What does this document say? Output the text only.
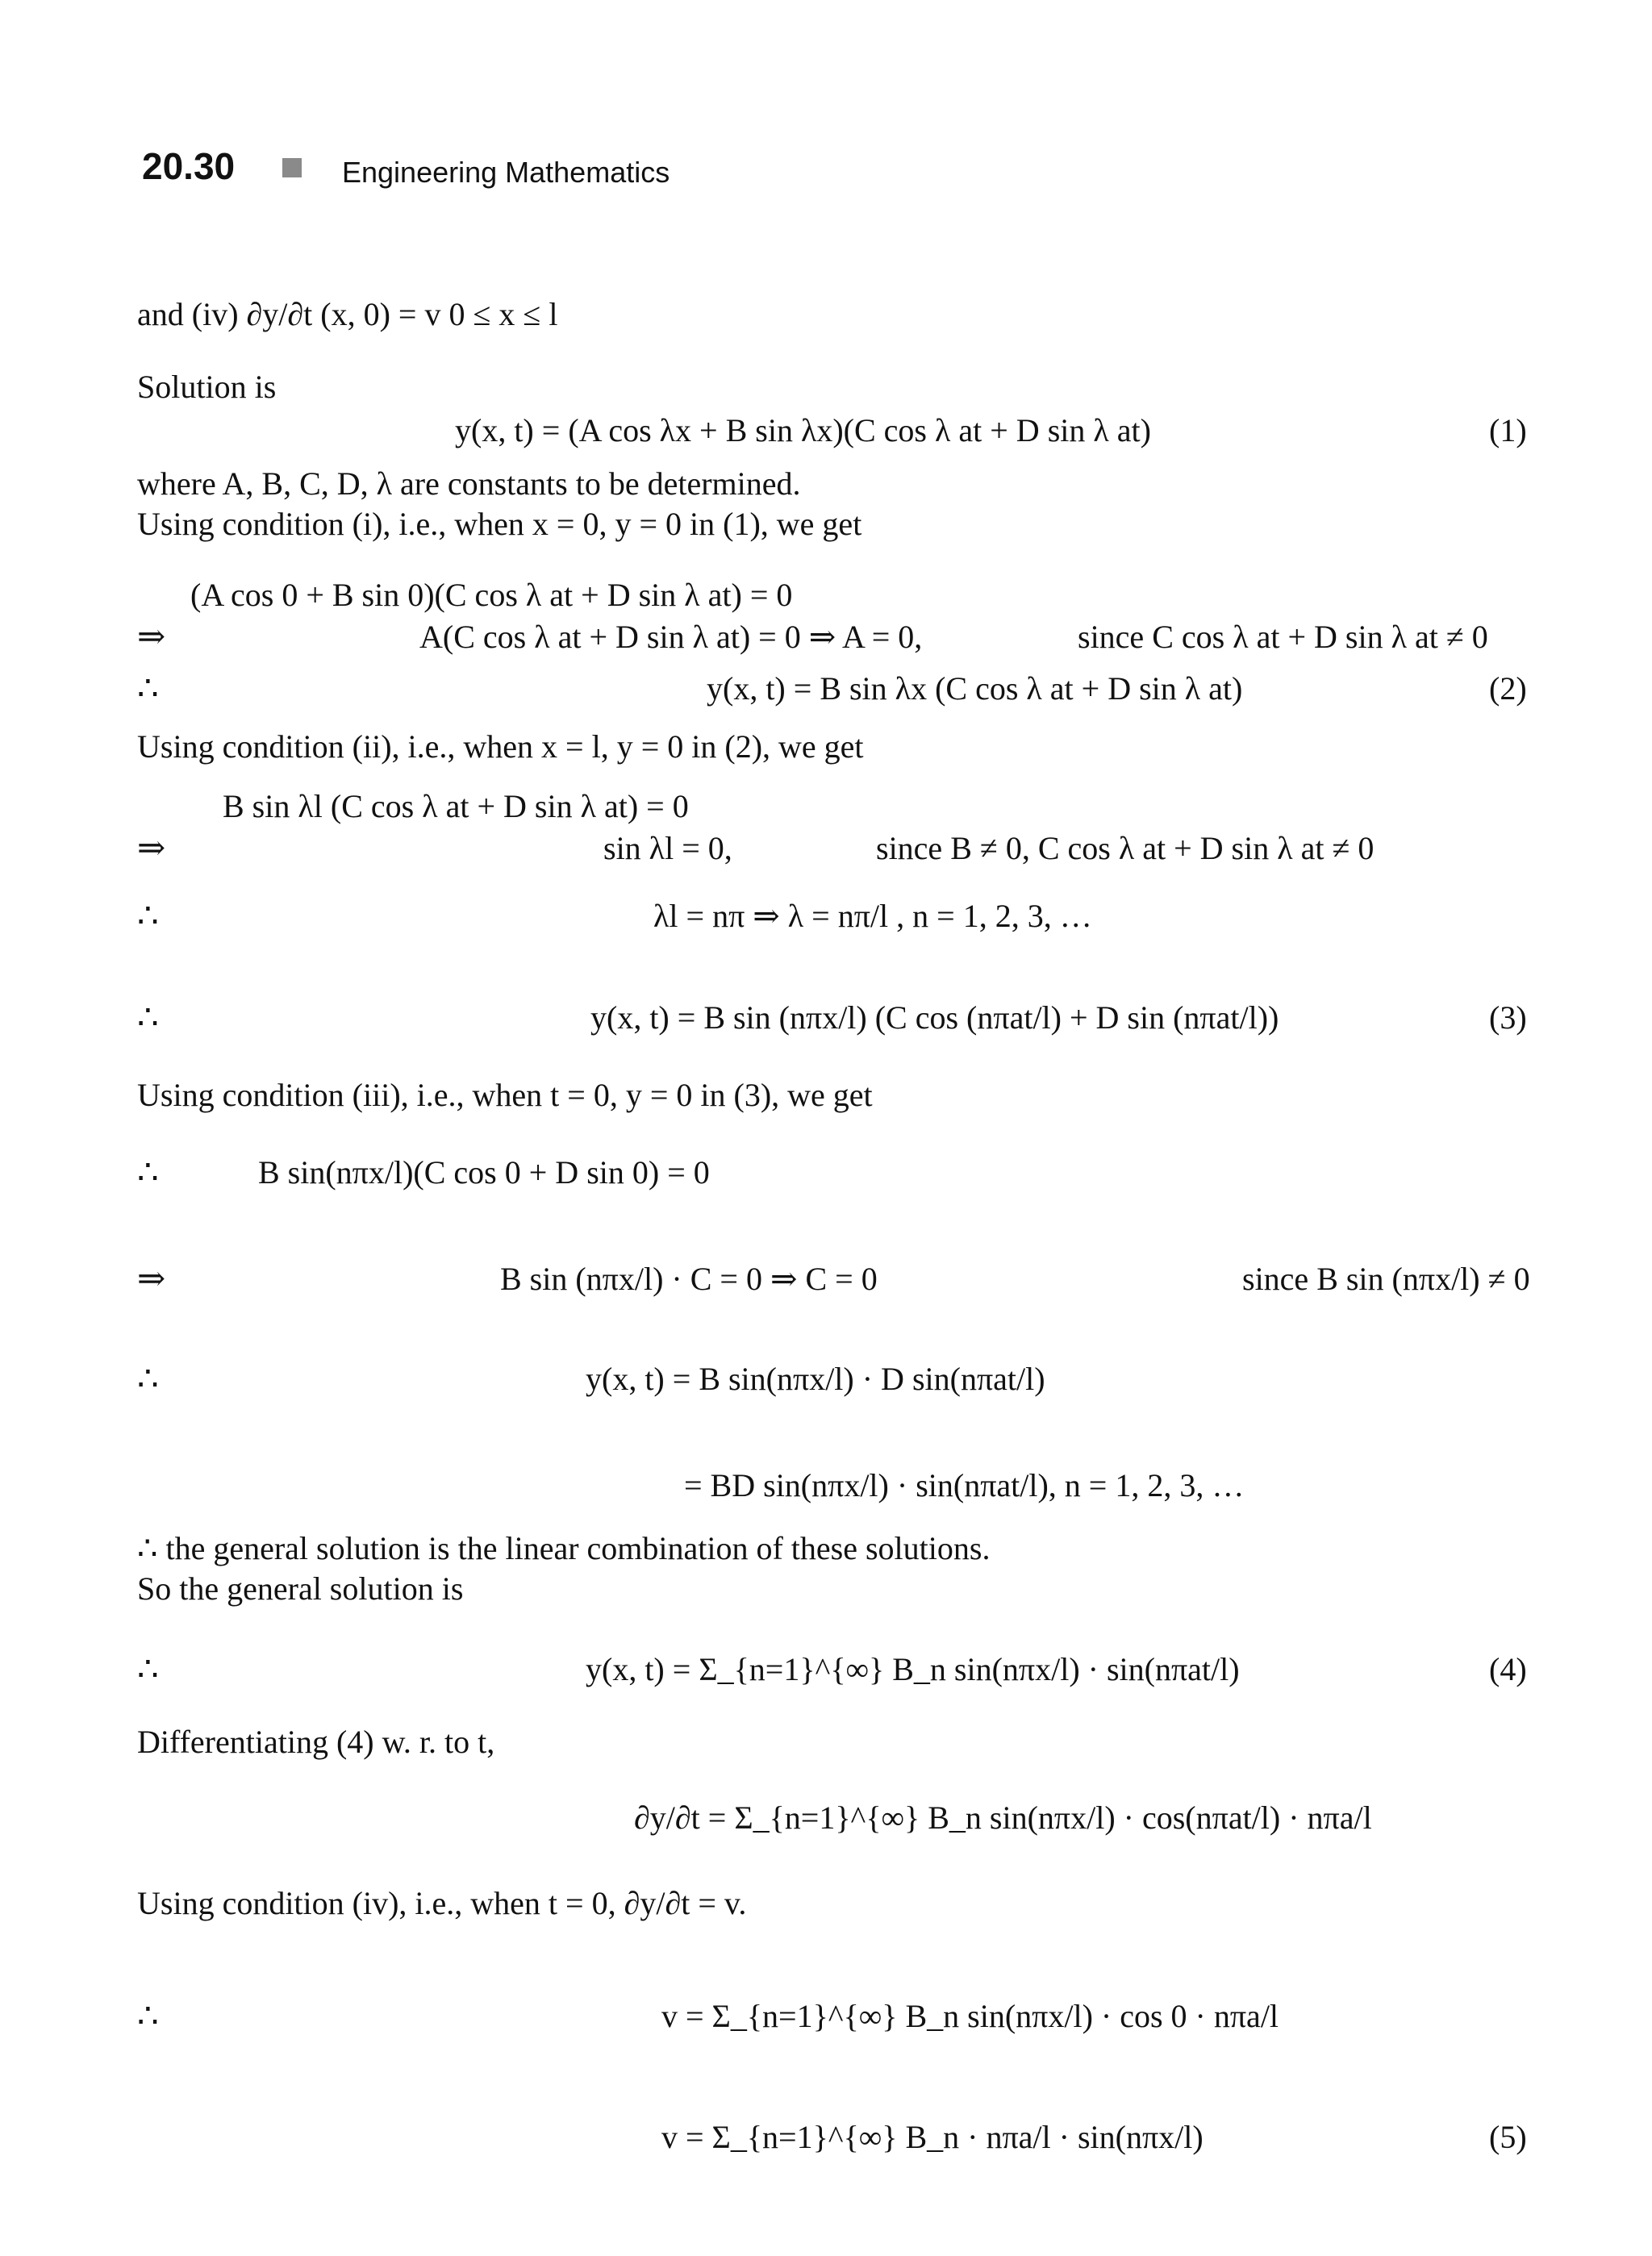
20.30	Engineering Mathematics
and (iv) ∂y/∂t (x, 0) = v 0 ≤ x ≤ l
Solution is
y(x, t) = (A cos λx + B sin λx)(C cos λ at + D sin λ at)	(1)
where A, B, C, D, λ are constants to be determined.
Using condition (i), i.e., when x = 0, y = 0 in (1), we get
(A cos 0 + B sin 0)(C cos λ at + D sin λ at) = 0
⇒	A(C cos λ at + D sin λ at) = 0 ⇒ A = 0,	since C cos λ at + D sin λ at ≠ 0
∴	y(x, t) = B sin λx (C cos λ at + D sin λ at)	(2)
Using condition (ii), i.e., when x = l, y = 0 in (2), we get
B sin λl (C cos λ at + D sin λ at) = 0
⇒	sin λl = 0,	since B ≠ 0, C cos λ at + D sin λ at ≠ 0
∴	λl = nπ ⇒ λ = nπ/l , n = 1, 2, 3, …
∴	y(x, t) = B sin (nπx/l) (C cos (nπat/l) + D sin (nπat/l))	(3)
Using condition (iii), i.e., when t = 0, y = 0 in (3), we get
∴	B sin(nπx/l)(C cos 0 + D sin 0) = 0
⇒	B sin (nπx/l) · C = 0 ⇒ C = 0	since B sin (nπx/l) ≠ 0
∴	y(x, t) = B sin(nπx/l) · D sin(nπat/l)
= BD sin(nπx/l) · sin(nπat/l), n = 1, 2, 3, …
∴ the general solution is the linear combination of these solutions.
So the general solution is
∴	y(x, t) = Σ_{n=1}^{∞} B_n sin(nπx/l) · sin(nπat/l)	(4)
Differentiating (4) w. r. to t,
∂y/∂t = Σ_{n=1}^{∞} B_n sin(nπx/l) · cos(nπat/l) · nπa/l
Using condition (iv), i.e., when t = 0, ∂y/∂t = v.
∴	v = Σ_{n=1}^{∞} B_n sin(nπx/l) · cos 0 · nπa/l
v = Σ_{n=1}^{∞} B_n · nπa/l · sin(nπx/l)	(5)
